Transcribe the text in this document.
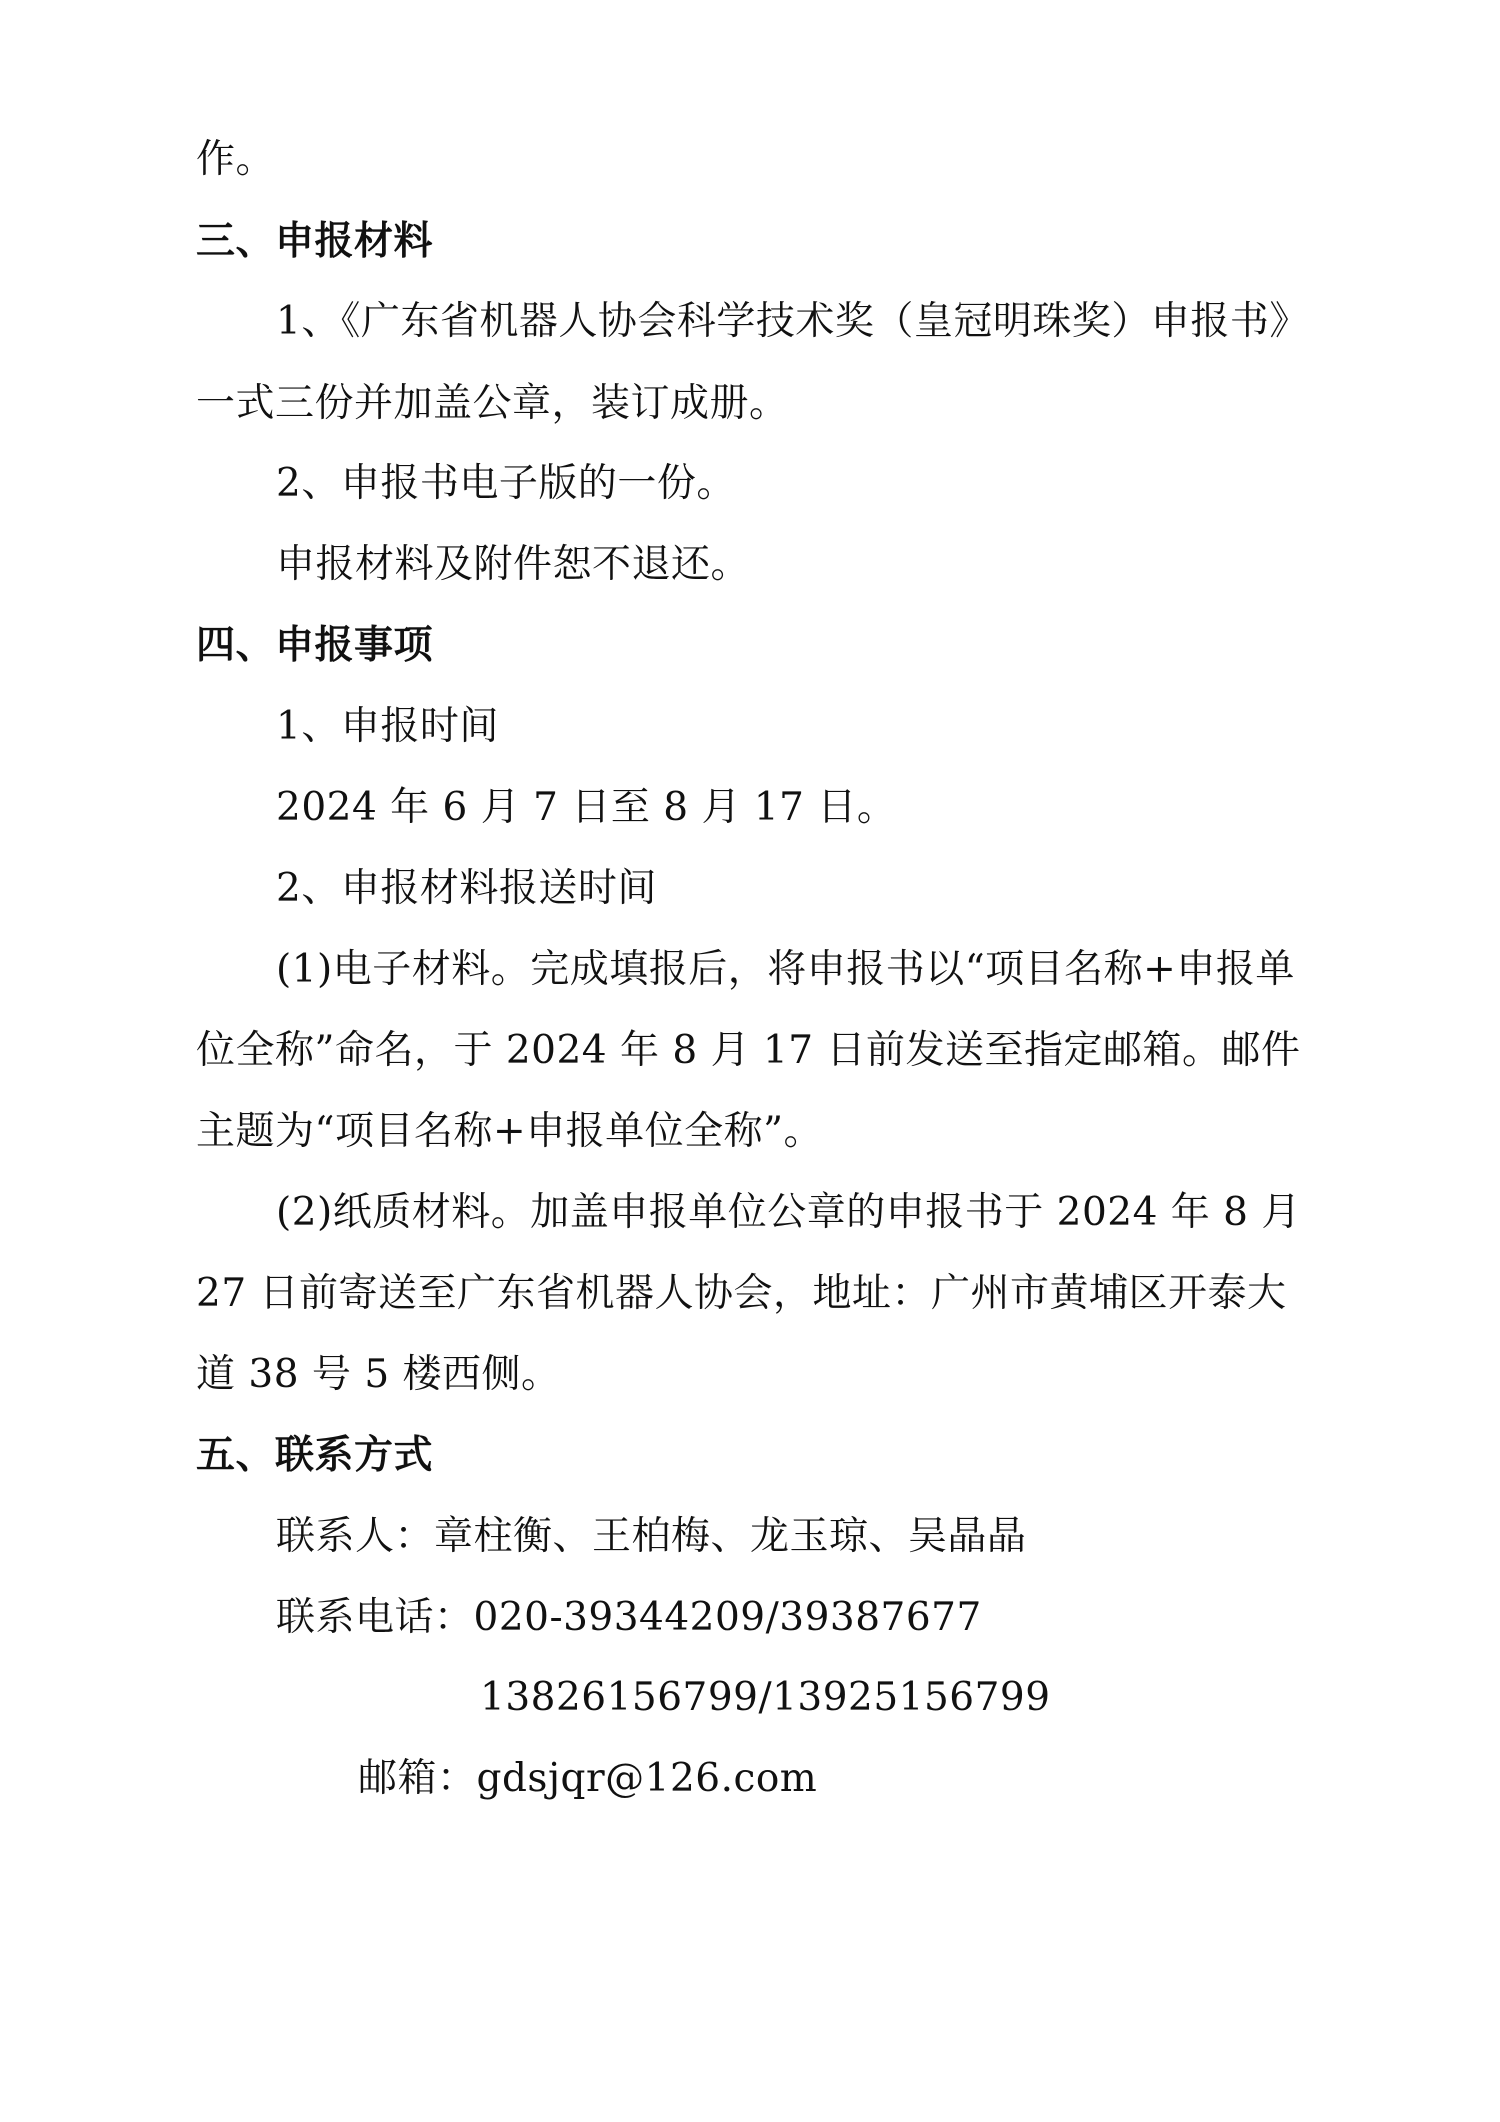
作。
三、申报材料
1、《广东省机器人协会科学技术奖（皇冠明珠奖）申报书》
一式三份并加盖公章，装订成册。
2、申报书电子版的一份。
申报材料及附件恕不退还。
四、申报事项
1、申报时间
2024 年 6 月 7 日至 8 月 17 日。
2、申报材料报送时间
(1)电子材料。完成填报后，将申报书以“项目名称+申报单
位全称”命名，于 2024 年 8 月 17 日前发送至指定邮箱。邮件
主题为“项目名称+申报单位全称”。
(2)纸质材料。加盖申报单位公章的申报书于 2024 年 8 月
27 日前寄送至广东省机器人协会，地址：广州市黄埔区开泰大
道 38 号 5 楼西侧。
五、联系方式
联系人：章柱衡、王柏梅、龙玉琼、吴晶晶
联系电话：020-39344209/39387677
13826156799/13925156799
邮箱：gdsjqr@126.com
